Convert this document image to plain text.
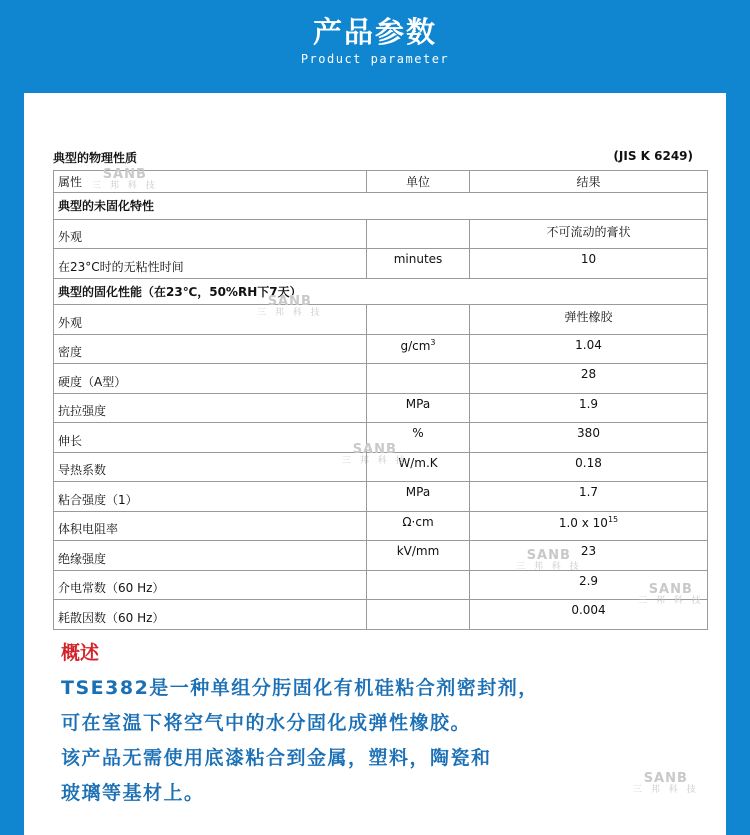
产品参数
Product parameter
典型的物理性质	(JIS K 6249)
属性	单位	结果
典型的未固化特性		
外观		不可流动的膏状
在23°C时的无粘性时间	minutes	10
典型的固化性能（在23℃，50%RH下7天）		
外观		弹性橡胶
密度	$g/cm^3$	1.04
硬度（A型）		28
抗拉强度	MPa	1.9
伸长	%	380
导热系数	W/m.K	0.18
粘合强度（1）	MPa	1.7
体积电阻率	Ω·cm	1.0 x $10^{15}$
绝缘强度	kV/mm	23
介电常数（60 Hz）		2.9
耗散因数（60 Hz）		0.004
概述
TSE382是一种单组分肟固化有机硅粘合剂密封剂，
可在室温下将空气中的水分固化成弹性橡胶。
该产品无需使用底漆粘合到金属，塑料，陶瓷和
玻璃等基材上。
SANB
三 邦 科 技
SANB
三 邦 科 技
SANB
三 邦 科 技
SANB
三 邦 科 技
SANB
三 邦 科 技
SANB
三 邦 科 技
